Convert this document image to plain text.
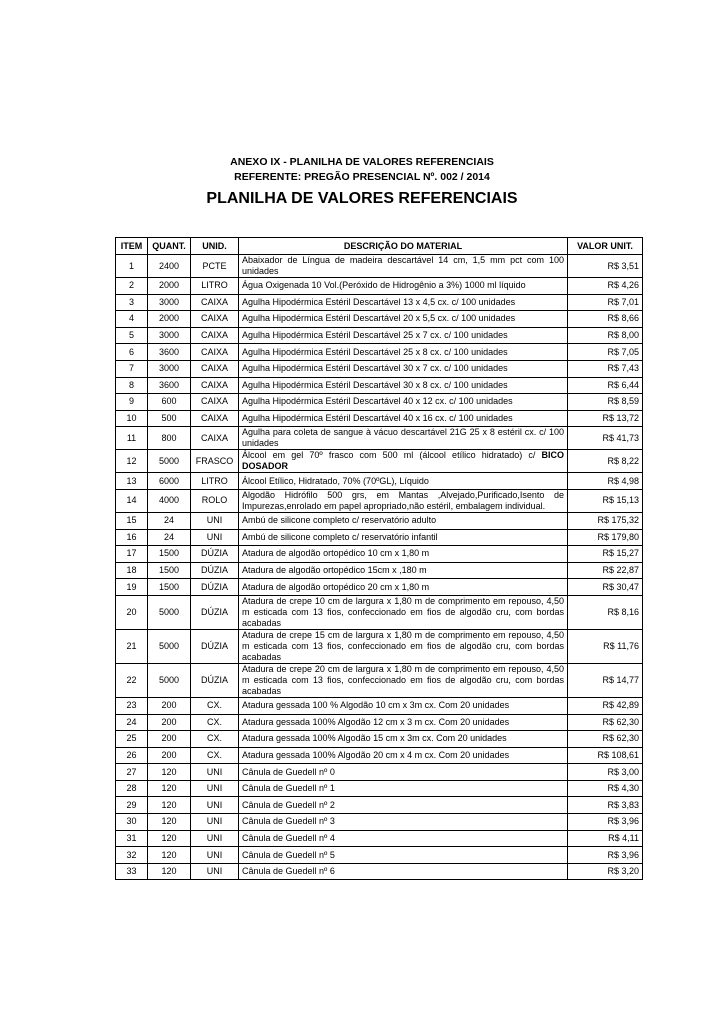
ANEXO IX - PLANILHA DE VALORES REFERENCIAIS
REFERENTE: PREGÃO PRESENCIAL Nº. 002 / 2014
PLANILHA DE VALORES REFERENCIAIS
ITEM	QUANT.	UNID.	DESCRIÇÃO DO MATERIAL	VALOR UNIT.
1	2400	PCTE	Abaixador de Língua de madeira descartável 14 cm, 1,5 mm pct com 100 unidades	R$ 3,51
2	2000	LITRO	Água Oxigenada 10 Vol.(Peróxido de Hidrogênio a 3%) 1000 ml líquido	R$ 4,26
3	3000	CAIXA	Agulha Hipodérmica Estéril Descartável 13 x 4,5 cx. c/ 100 unidades	R$ 7,01
4	2000	CAIXA	Agulha Hipodérmica Estéril Descartável 20 x 5,5 cx. c/ 100 unidades	R$ 8,66
5	3000	CAIXA	Agulha Hipodérmica Estéril Descartável 25 x 7 cx. c/ 100 unidades	R$ 8,00
6	3600	CAIXA	Agulha Hipodérmica Estéril Descartável 25 x 8 cx. c/ 100 unidades	R$ 7,05
7	3000	CAIXA	Agulha Hipodérmica Estéril Descartável 30 x 7 cx. c/ 100 unidades	R$ 7,43
8	3600	CAIXA	Agulha Hipodérmica Estéril Descartável 30 x 8 cx. c/ 100 unidades	R$ 6,44
9	600	CAIXA	Agulha Hipodérmica Estéril Descartável 40 x 12 cx. c/ 100 unidades	R$ 8,59
10	500	CAIXA	Agulha Hipodérmica Estéril Descartável 40 x 16 cx. c/ 100 unidades	R$ 13,72
11	800	CAIXA	Agulha para coleta de sangue à vácuo descartável 21G 25 x 8 estéril cx. c/ 100 unidades	R$ 41,73
12	5000	FRASCO	Álcool em gel 70º frasco com 500 ml (álcool etílico hidratado) c/ BICO DOSADOR	R$ 8,22
13	6000	LITRO	Álcool Etílico, Hidratado, 70% (70ºGL), Líquido	R$ 4,98
14	4000	ROLO	Algodão Hidrófilo 500 grs, em Mantas ,Alvejado,Purificado,Isento de Impurezas,enrolado em papel apropriado,não estéril, embalagem individual.	R$ 15,13
15	24	UNI	Ambú de silicone completo c/ reservatório adulto	R$ 175,32
16	24	UNI	Ambú de silicone completo c/ reservatório infantil	R$ 179,80
17	1500	DÚZIA	Atadura de algodão ortopédico 10 cm x 1,80 m	R$ 15,27
18	1500	DÚZIA	Atadura de algodão ortopédico 15cm x ,180 m	R$ 22,87
19	1500	DÚZIA	Atadura de algodão ortopédico 20 cm x 1,80 m	R$ 30,47
20	5000	DÚZIA	Atadura de crepe 10 cm de largura x 1,80 m de comprimento em repouso, 4,50 m esticada com 13 fios, confeccionado em fios de algodão cru, com bordas acabadas	R$ 8,16
21	5000	DÚZIA	Atadura de crepe 15 cm de largura x 1,80 m de comprimento em repouso, 4,50 m esticada com 13 fios, confeccionado em fios de algodão cru, com bordas acabadas	R$ 11,76
22	5000	DÚZIA	Atadura de crepe 20 cm de largura x 1,80 m de comprimento em repouso, 4,50 m esticada com 13 fios, confeccionado em fios de algodão cru, com bordas acabadas	R$ 14,77
23	200	CX.	Atadura gessada 100 % Algodão 10 cm x 3m cx. Com 20 unidades	R$ 42,89
24	200	CX.	Atadura gessada 100% Algodão 12 cm x 3 m cx. Com 20 unidades	R$ 62,30
25	200	CX.	Atadura gessada 100% Algodão 15 cm x 3m cx. Com 20 unidades	R$ 62,30
26	200	CX.	Atadura gessada 100% Algodão 20 cm x 4 m cx. Com 20 unidades	R$ 108,61
27	120	UNI	Cânula de Guedell nº 0	R$ 3,00
28	120	UNI	Cânula de Guedell nº 1	R$ 4,30
29	120	UNI	Cânula de Guedell nº 2	R$ 3,83
30	120	UNI	Cânula de Guedell nº 3	R$ 3,96
31	120	UNI	Cânula de Guedell nº 4	R$ 4,11
32	120	UNI	Cânula de Guedell nº 5	R$ 3,96
33	120	UNI	Cânula de Guedell nº 6	R$ 3,20
